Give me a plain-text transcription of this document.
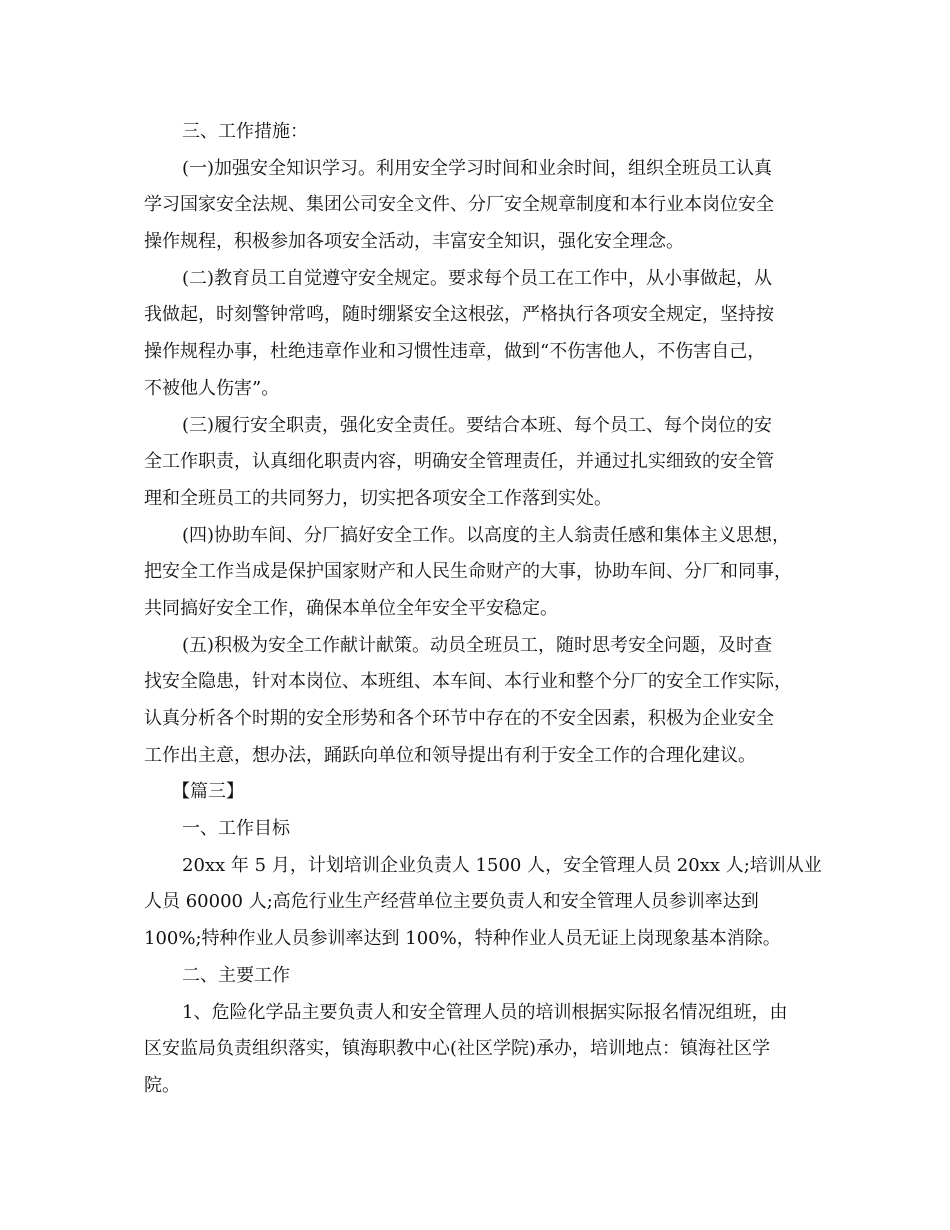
三、工作措施：
(一)加强安全知识学习。利用安全学习时间和业余时间，组织全班员工认真
学习国家安全法规、集团公司安全文件、分厂安全规章制度和本行业本岗位安全
操作规程，积极参加各项安全活动，丰富安全知识，强化安全理念。
(二)教育员工自觉遵守安全规定。要求每个员工在工作中，从小事做起，从
我做起，时刻警钟常鸣，随时绷紧安全这根弦，严格执行各项安全规定，坚持按
操作规程办事，杜绝违章作业和习惯性违章，做到“不伤害他人，不伤害自己，
不被他人伤害”。
(三)履行安全职责，强化安全责任。要结合本班、每个员工、每个岗位的安
全工作职责，认真细化职责内容，明确安全管理责任，并通过扎实细致的安全管
理和全班员工的共同努力，切实把各项安全工作落到实处。
(四)协助车间、分厂搞好安全工作。以高度的主人翁责任感和集体主义思想，
把安全工作当成是保护国家财产和人民生命财产的大事，协助车间、分厂和同事，
共同搞好安全工作，确保本单位全年安全平安稳定。
(五)积极为安全工作献计献策。动员全班员工，随时思考安全问题，及时查
找安全隐患，针对本岗位、本班组、本车间、本行业和整个分厂的安全工作实际，
认真分析各个时期的安全形势和各个环节中存在的不安全因素，积极为企业安全
工作出主意，想办法，踊跃向单位和领导提出有利于安全工作的合理化建议。
【篇三】
一、工作目标
20xx 年 5 月，计划培训企业负责人 1500 人，安全管理人员 20xx 人;培训从业
人员 60000 人;高危行业生产经营单位主要负责人和安全管理人员参训率达到
100%;特种作业人员参训率达到 100%，特种作业人员无证上岗现象基本消除。
二、主要工作
1、危险化学品主要负责人和安全管理人员的培训根据实际报名情况组班，由
区安监局负责组织落实，镇海职教中心(社区学院)承办，培训地点：镇海社区学
院。
